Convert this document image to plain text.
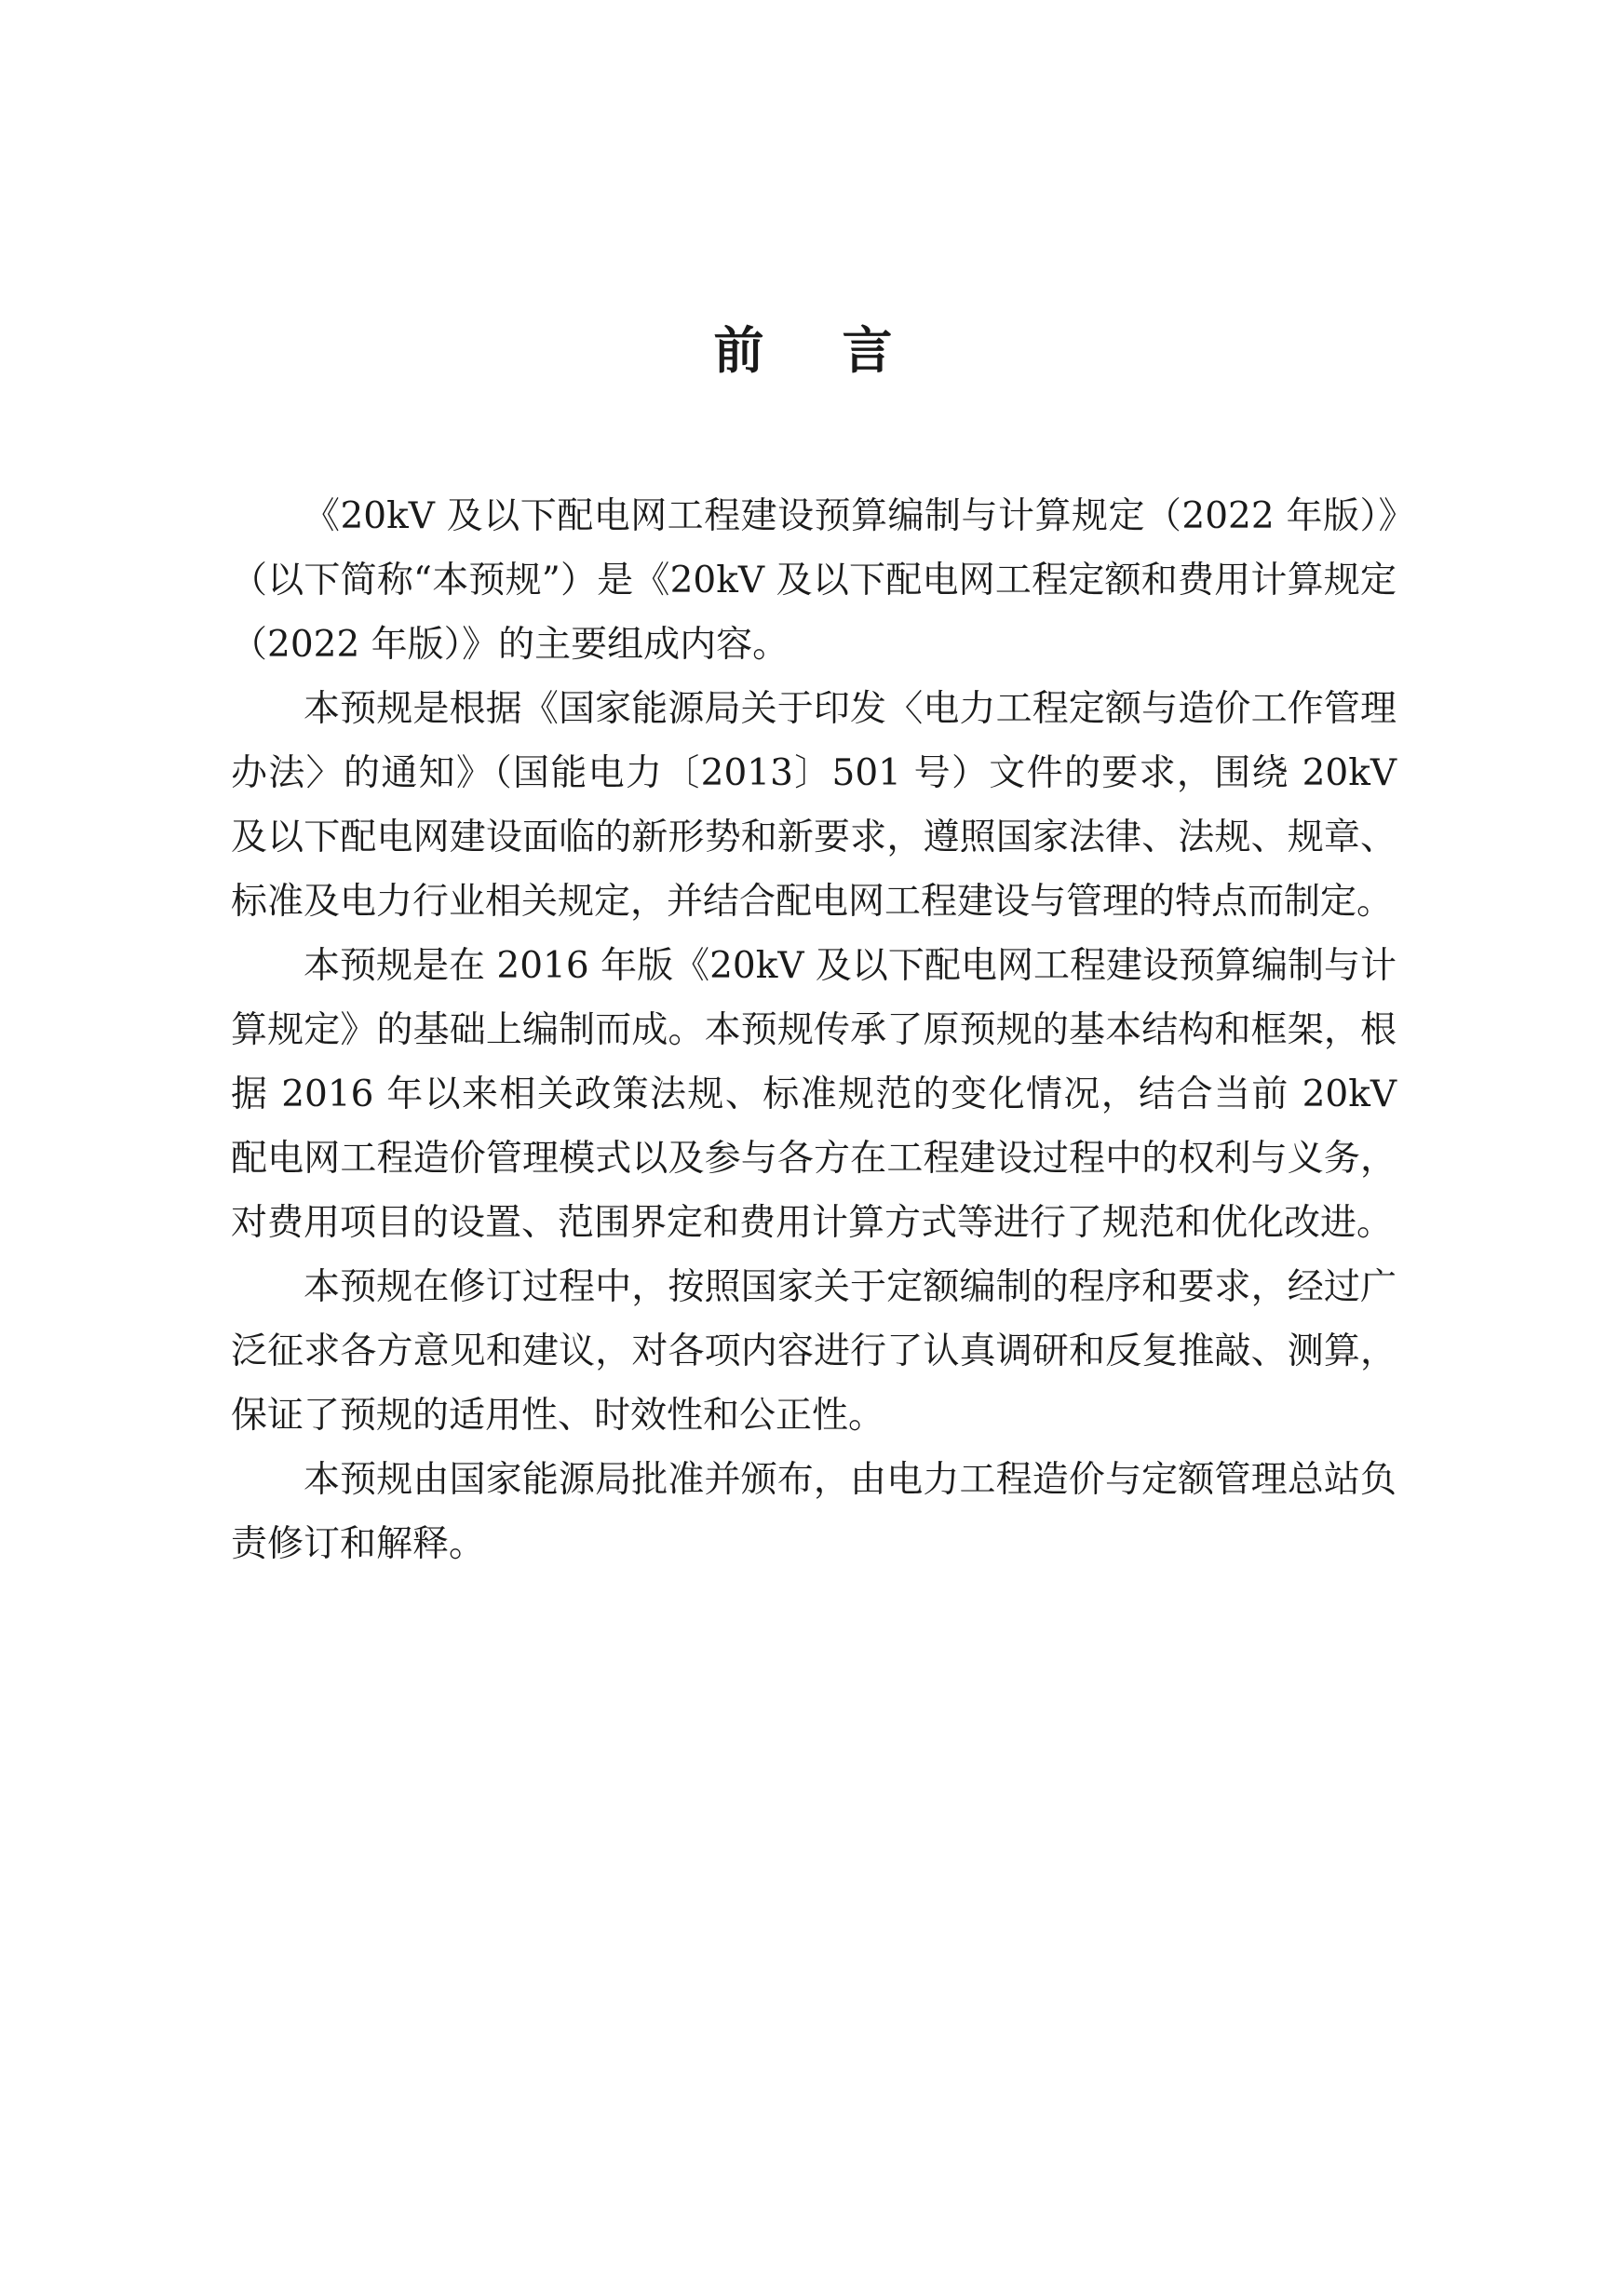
前 言

《20kV 及以下配电网工程建设预算编制与计算规定（2022 年版）》（以下简称“本预规”）是《20kV 及以下配电网工程定额和费用计算规定（2022 年版）》的主要组成内容。

本预规是根据《国家能源局关于印发〈电力工程定额与造价工作管理办法〉的通知》（国能电力〔2013〕501 号）文件的要求，围绕 20kV 及以下配电网建设面临的新形势和新要求，遵照国家法律、法规、规章、标准及电力行业相关规定，并结合配电网工程建设与管理的特点而制定。

本预规是在 2016 年版《20kV 及以下配电网工程建设预算编制与计算规定》的基础上编制而成。本预规传承了原预规的基本结构和框架，根据 2016 年以来相关政策法规、标准规范的变化情况，结合当前 20kV 配电网工程造价管理模式以及参与各方在工程建设过程中的权利与义务，对费用项目的设置、范围界定和费用计算方式等进行了规范和优化改进。

本预规在修订过程中，按照国家关于定额编制的程序和要求，经过广泛征求各方意见和建议，对各项内容进行了认真调研和反复推敲、测算，保证了预规的适用性、时效性和公正性。

本预规由国家能源局批准并颁布，由电力工程造价与定额管理总站负责修订和解释。
